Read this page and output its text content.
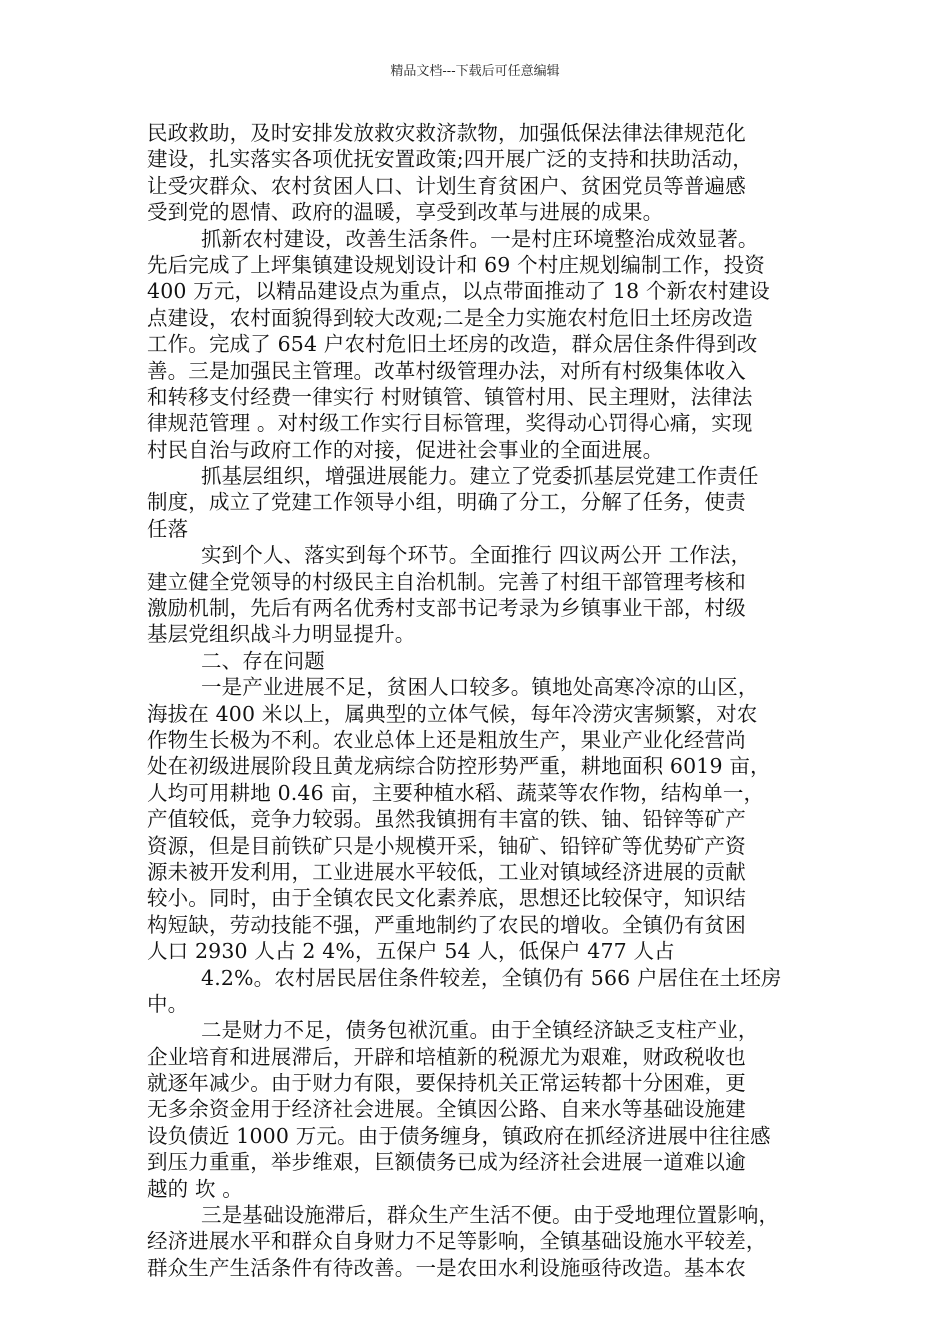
精品文档---下载后可任意编辑
民政救助，及时安排发放救灾救济款物，加强低保法律法律规范化
建设，扎实落实各项优抚安置政策;四开展广泛的支持和扶助活动，
让受灾群众、农村贫困人口、计划生育贫困户、贫困党员等普遍感
受到党的恩情、政府的温暖，享受到改革与进展的成果。
抓新农村建设，改善生活条件。一是村庄环境整治成效显著。
先后完成了上坪集镇建设规划设计和 69 个村庄规划编制工作，投资
400 万元，以精品建设点为重点，以点带面推动了 18 个新农村建设
点建设，农村面貌得到较大改观;二是全力实施农村危旧土坯房改造
工作。完成了 654 户农村危旧土坯房的改造，群众居住条件得到改
善。三是加强民主管理。改革村级管理办法，对所有村级集体收入
和转移支付经费一律实行 村财镇管、镇管村用、民主理财，法律法
律规范管理 。对村级工作实行目标管理，奖得动心罚得心痛，实现
村民自治与政府工作的对接，促进社会事业的全面进展。
抓基层组织，增强进展能力。建立了党委抓基层党建工作责任
制度，成立了党建工作领导小组，明确了分工，分解了任务，使责
任落
实到个人、落实到每个环节。全面推行 四议两公开 工作法，
建立健全党领导的村级民主自治机制。完善了村组干部管理考核和
激励机制，先后有两名优秀村支部书记考录为乡镇事业干部，村级
基层党组织战斗力明显提升。
二、存在问题
一是产业进展不足，贫困人口较多。镇地处高寒冷凉的山区，
海拔在 400 米以上，属典型的立体气候，每年冷涝灾害频繁，对农
作物生长极为不利。农业总体上还是粗放生产，果业产业化经营尚
处在初级进展阶段且黄龙病综合防控形势严重，耕地面积 6019 亩，
人均可用耕地 0.46 亩，主要种植水稻、蔬菜等农作物，结构单一，
产值较低，竞争力较弱。虽然我镇拥有丰富的铁、铀、铅锌等矿产
资源，但是目前铁矿只是小规模开采，铀矿、铅锌矿等优势矿产资
源未被开发利用，工业进展水平较低，工业对镇域经济进展的贡献
较小。同时，由于全镇农民文化素养底，思想还比较保守，知识结
构短缺，劳动技能不强，严重地制约了农民的增收。全镇仍有贫困
人口 2930 人占 2 4%，五保户 54 人，低保户 477 人占
4.2%。农村居民居住条件较差，全镇仍有 566 户居住在土坯房
中。
二是财力不足，债务包袱沉重。由于全镇经济缺乏支柱产业，
企业培育和进展滞后，开辟和培植新的税源尤为艰难，财政税收也
就逐年减少。由于财力有限，要保持机关正常运转都十分困难，更
无多余资金用于经济社会进展。全镇因公路、自来水等基础设施建
设负债近 1000 万元。由于债务缠身，镇政府在抓经济进展中往往感
到压力重重，举步维艰，巨额债务已成为经济社会进展一道难以逾
越的 坎 。
三是基础设施滞后，群众生产生活不便。由于受地理位置影响，
经济进展水平和群众自身财力不足等影响，全镇基础设施水平较差，
群众生产生活条件有待改善。一是农田水利设施亟待改造。基本农
